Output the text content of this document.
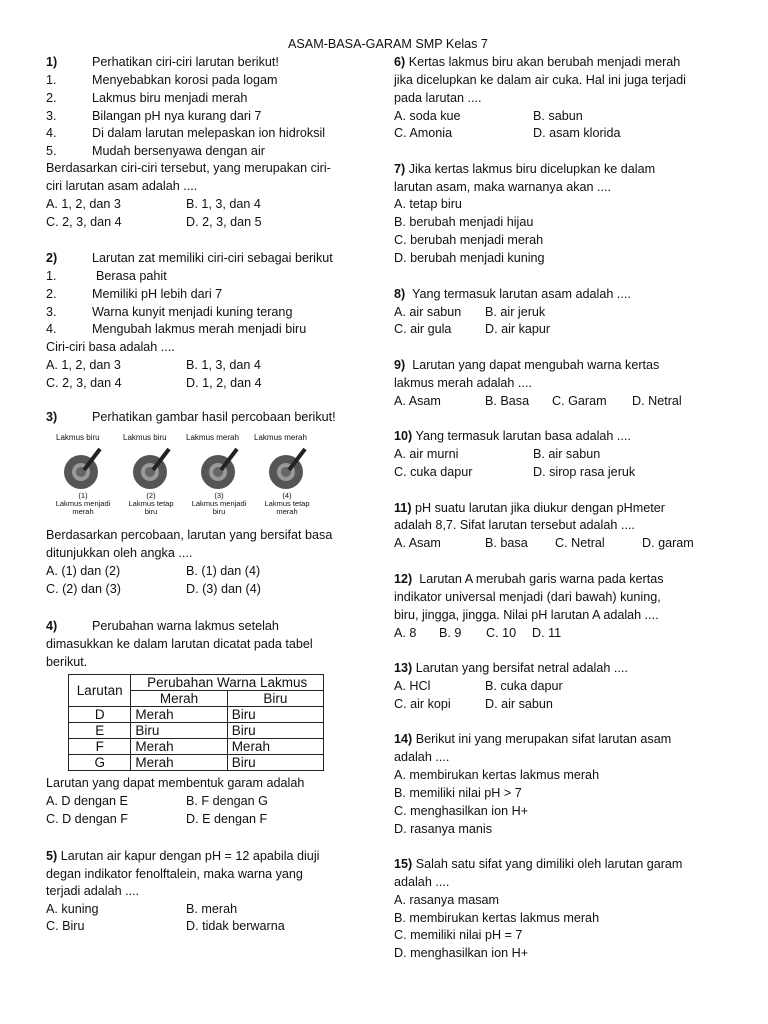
ASAM-BASA-GARAM SMP Kelas 7
1)	Perhatikan ciri-ciri larutan berikut!
1.	Menyebabkan korosi pada logam
2.	Lakmus biru menjadi merah
3.	Bilangan pH nya kurang dari 7
4.	Di dalam larutan melepaskan ion hidroksil
5.	Mudah bersenyawa dengan air
Berdasarkan ciri-ciri tersebut, yang merupakan ciri-
ciri larutan asam adalah ....
A. 1, 2, dan 3	B. 1, 3, dan 4
C. 2, 3, dan 4	D. 2, 3, dan 5
2)	Larutan zat memiliki ciri-ciri sebagai berikut
1.	Berasa pahit
2.	Memiliki pH lebih dari 7
3.	Warna kunyit menjadi kuning terang
4.	Mengubah lakmus merah menjadi biru
Ciri-ciri basa adalah ....
A. 1, 2, dan 3	B. 1, 3, dan 4
C. 2, 3, dan 4	D. 1, 2, dan 4
3)	Perhatikan gambar hasil percobaan berikut!
Lakmus biru	Lakmus biru Lakmus merah Lakmus merah
(1)
Lakmus menjadi
merah
(2)
Lakmus tetap
biru
(3)
Lakmus menjadi
biru
(4)
Lakmus tetap
merah
Berdasarkan percobaan, larutan yang bersifat basa
ditunjukkan oleh angka ....
A. (1) dan (2)	B. (1) dan (4)
C. (2) dan (3)	D. (3) dan (4)
4)	Perubahan warna lakmus setelah
dimasukkan ke dalam larutan dicatat pada tabel
berikut.
Larutan	Perubahan Warna Lakmus	
	Merah	Biru
D	Merah	Biru
E	Biru	Biru
F	Merah	Merah
G	Merah	Biru
Larutan yang dapat membentuk garam adalah
A. D dengan E	B. F dengan G
C. D dengan F	D. E dengan F
5) Larutan air kapur dengan pH = 12 apabila diuji
degan indikator fenolftalein, maka warna yang
terjadi adalah ....
A. kuning	B. merah
C. Biru	D. tidak berwarna
6) Kertas lakmus biru akan berubah menjadi merah
jika dicelupkan ke dalam air cuka. Hal ini juga terjadi
pada larutan ....
A. soda kue	B. sabun
C. Amonia	D. asam klorida
7) Jika kertas lakmus biru dicelupkan ke dalam
larutan asam, maka warnanya akan ....
A. tetap biru
B. berubah menjadi hijau
C. berubah menjadi merah
D. berubah menjadi kuning
8) Yang termasuk larutan asam adalah ....
A. air sabun B. air jeruk
C. air gula	D. air kapur
9) Larutan yang dapat mengubah warna kertas
lakmus merah adalah ....
A. Asam	B. Basa C. Garam D. Netral
10) Yang termasuk larutan basa adalah ....
A. air murni	B. air sabun
C. cuka dapur	D. sirop rasa jeruk
11) pH suatu larutan jika diukur dengan pHmeter
adalah 8,7. Sifat larutan tersebut adalah ....
A. Asam	B. basa C. Netral	D. garam
12) Larutan A merubah garis warna pada kertas
indikator universal menjadi (dari bawah) kuning,
biru, jingga, jingga. Nilai pH larutan A adalah ....
A. 8 B. 9 C. 10 D. 11
13) Larutan yang bersifat netral adalah ....
A. HCl	B. cuka dapur
C. air kopi	D. air sabun
14) Berikut ini yang merupakan sifat larutan asam
adalah ....
A. membirukan kertas lakmus merah
B. memiliki nilai pH > 7
C. menghasilkan ion H+
D. rasanya manis
15) Salah satu sifat yang dimiliki oleh larutan garam
adalah ....
A. rasanya masam
B. membirukan kertas lakmus merah
C. memiliki nilai pH = 7
D. menghasilkan ion H+
